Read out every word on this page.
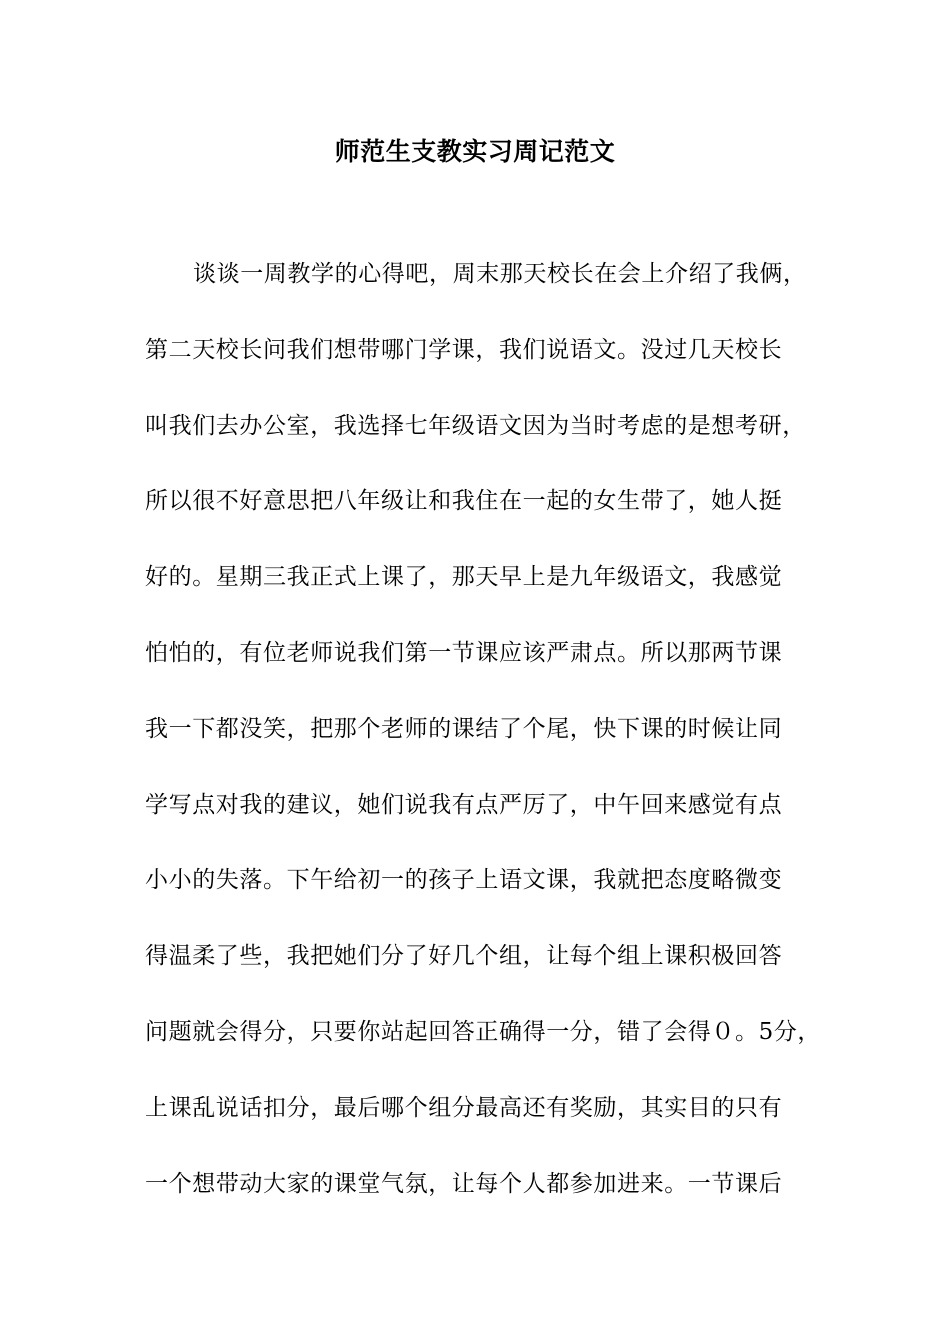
师范生支教实习周记范文
谈谈一周教学的心得吧，周末那天校长在会上介绍了我俩，
第二天校长问我们想带哪门学课，我们说语文。没过几天校长
叫我们去办公室，我选择七年级语文因为当时考虑的是想考研，
所以很不好意思把八年级让和我住在一起的女生带了，她人挺
好的。星期三我正式上课了，那天早上是九年级语文，我感觉
怕怕的，有位老师说我们第一节课应该严肃点。所以那两节课
我一下都没笑，把那个老师的课结了个尾，快下课的时候让同
学写点对我的建议，她们说我有点严厉了，中午回来感觉有点
小小的失落。下午给初一的孩子上语文课，我就把态度略微变
得温柔了些，我把她们分了好几个组，让每个组上课积极回答
问题就会得分，只要你站起回答正确得一分，错了会得０。5分，
上课乱说话扣分，最后哪个组分最高还有奖励，其实目的只有
一个想带动大家的课堂气氛，让每个人都参加进来。一节课后
